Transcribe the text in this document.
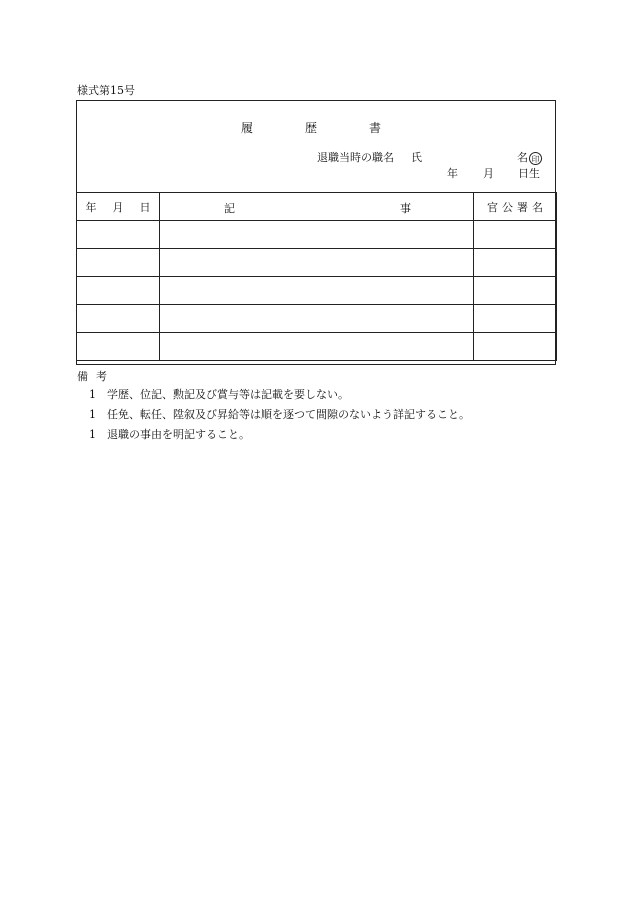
様式第15号
履歴書
退職当時の職名 氏	名 印
年 月 日生
年 月 日	記 事	官 公 署 名

備考
1 学歴、位記、勲記及び賞与等は記載を要しない。
1 任免、転任、陞叙及び昇給等は順を逐つて間隙のないよう詳記すること。
1 退職の事由を明記すること。
